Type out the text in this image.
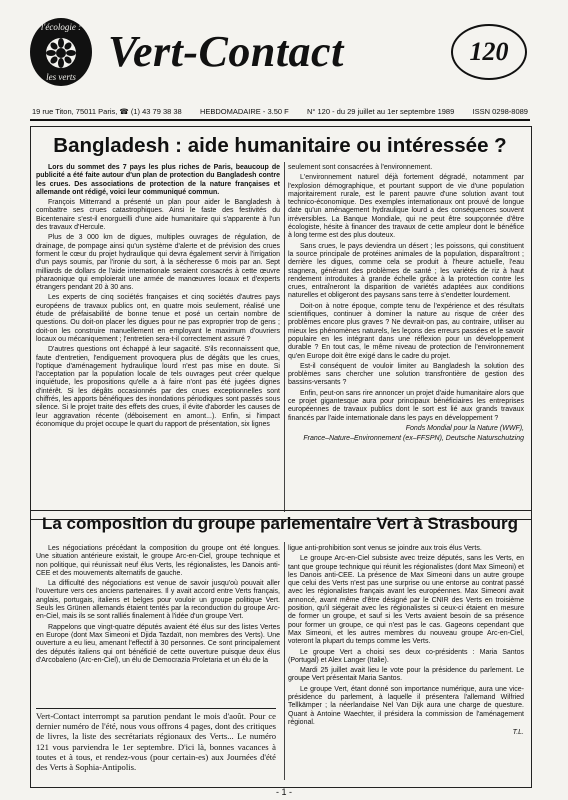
l'écologie :
les verts
Vert-Contact	120
19 rue Titon, 75011 Paris, ☎ (1) 43 79 38 38 HEBDOMADAIRE - 3.50 F N° 120 - du 29 juillet au 1er septembre 1989 ISSN 0298-8089
Bangladesh : aide humanitaire ou intéressée ?

Lors du sommet des 7 pays les plus riches de Paris, beaucoup de publicité a été faite autour d'un plan de protection du Bangladesh contre les crues. Des associations de protection de la nature françaises et allemande ont rédigé, voici leur communiqué commun.

François Mitterrand a présenté un plan pour aider le Bangladesh à combattre ses crues catastrophiques. Ainsi le faste des festivités du Bicentenaire s'est-il enorgueilli d'une aide humanitaire qui s'apparente à l'un des travaux d'Hercule.

Plus de 3 000 km de digues, multiples ouvrages de régulation, de drainage, de pompage ainsi qu'un système d'alerte et de prévision des crues forment le cœur du projet hydraulique qui devra également servir à l'irrigation d'un pays soumis, par l'ironie du sort, à la sécheresse 6 mois par an. Sept milliards de dollars de l'aide internationale seraient consacrés à cette œuvre pharaonique qui emploierait une armée de manœuvres locaux et d'experts étrangers pendant 20 à 30 ans.

Les experts de cinq sociétés françaises et cinq sociétés d'autres pays européens de travaux publics ont, en quatre mois seulement, réalisé une étude de préfaisabilité de bonne tenue et posé un certain nombre de questions. Ou doit-on placer les digues pour ne pas exproprier trop de gens ; doit-on les construire manuellement en employant le maximum d'ouvriers locaux ou mécaniquement ; l'entretien sera-t-il correctement assuré ?

D'autres questions ont échappé à leur sagacité. S'ils reconnaissent que, faute d'entretien, l'endiguement provoquera plus de dégâts que les crues, l'optique d'aménagement hydraulique lourd n'est pas mise en doute. Si l'acceptation par la population locale de tels ouvrages peut créer quelque inquiétude, les propositions qu'elle a à faire n'ont pas été jugées dignes d'intérêt. Si les dégâts occasionnés par des crues exceptionnelles sont chiffrés, les apports bénéfiques des inondations périodiques sont passés sous silence. Si le projet traite des effets des crues, il évite d'aborder les causes de leur aggravation récente (déboisement en amont...). Enfin, si l'impact économique du projet occupe le quart du rapport de présentation, six lignes

seulement sont consacrées à l'environnement.

L'environnement naturel déjà fortement dégradé, notamment par l'explosion démographique, et pourtant support de vie d'une population majoritairement rurale, est le parent pauvre d'une solution avant tout technico-économique. Des exemples internationaux ont prouvé de longue date qu'un aménagement hydraulique lourd a des conséquences souvent irréversibles. La Banque Mondiale, qui ne peut être soupçonnée d'être écologiste, hésite à financer des travaux de cette ampleur dont le bénéfice à long terme est des plus douteux.

Sans crues, le pays deviendra un désert ; les poissons, qui constituent la source principale de protéines animales de la population, disparaîtront ; derrière les digues, comme cela se produit à l'heure actuelle, l'eau stagnera, générant des problèmes de santé ; les variétés de riz à haut rendement introduites à grande échelle grâce à la protection contre les crues, entraîneront la disparition de variétés adaptées aux conditions naturelles et obligeront des paysans sans terre à s'endetter lourdement.

Doit-on à notre époque, compte tenu de l'expérience et des résultats scientifiques, continuer à dominer la nature au risque de créer des problèmes encore plus graves ? Ne devrait-on pas, au contraire, utiliser au mieux les phénomènes naturels, les leçons des erreurs passées et le savoir populaire en les intégrant dans une réflexion pour un développement durable ? En tout cas, le même niveau de protection de l'environnement qu'en Europe doit être exigé dans le cadre du projet.

Est-il conséquent de vouloir limiter au Bangladesh la solution des problèmes sans chercher une solution transfrontière de gestion des bassins-versants ?

Enfin, peut-on sans rire annoncer un projet d'aide humanitaire alors que ce projet gigantesque aura pour principaux bénéficiaires les entreprises européennes de travaux publics dont le sort est lié aux grands travaux financés par l'aide internationale dans les pays en développement ?

Fonds Mondial pour la Nature (WWF),

France–Nature–Environnement (ex–FFSPN), Deutsche Naturschutzing

La composition du groupe parlementaire Vert à Strasbourg

Les négociations précédant la composition du groupe ont été longues. Une situation antérieure existait, le groupe Arc-en-Ciel, groupe technique et non politique, qui réunissait neuf élus Verts, les régionalistes, les Danois anti-CEE et des mouvements alternatifs de gauche.

La difficulté des négociations est venue de savoir jusqu'où pouvait aller l'ouverture vers ces anciens partenaires. Il y avait accord entre Verts français, anglais, portugais, italiens et belges pour vouloir un groupe politique Vert. Seuls les Grünen allemands étaient tentés par la reconduction du groupe Arc-en-Ciel, mais ils se sont ralliés finalement à l'idée d'un groupe Vert.

Rappelons que vingt-quatre députés avaient été élus sur des listes Vertes en Europe (dont Max Simeoni et Djida Tazdaït, non membres des Verts). Une ouverture a eu lieu, amenant l'effectif à 30 personnes. Ce sont principalement des députés italiens qui ont bénéficié de cette ouverture puisque deux élus d'Arcobaleno (Arc-en-Ciel), un élu de Democrazia Proletaria et un élu de la

ligue anti-prohibition sont venus se joindre aux trois élus Verts.

Le groupe Arc-en-Ciel subsiste avec treize députés, sans les Verts, en tant que groupe technique qui réunit les régionalistes (dont Max Simeoni) et les Danois anti-CEE. La présence de Max Simeoni dans un autre groupe que celui des Verts n'est pas une surprise ou une entorse au contrat passé avec les régionalistes français avant les européennes. Max Simeoni avait annoncé, avant même d'être désigné par le CNIR des Verts en troisième position, qu'il siégerait avec les régionalistes si ceux-ci étaient en mesure de former un groupe, et sauf si les Verts avaient besoin de sa présence pour former un groupe, ce qui n'est pas le cas. Gageons cependant que Max Simeoni, et les autres membres du nouveau groupe Arc-en-Ciel, voteront la plupart du temps comme les Verts.

Le groupe Vert a choisi ses deux co-présidents : Maria Santos (Portugal) et Alex Langer (Italie).

Mardi 25 juillet avait lieu le vote pour la présidence du parlement. Le groupe Vert présentait Maria Santos.

Le groupe Vert, étant donné son importance numérique, aura une vice-présidence du parlement, à laquelle il présentera l'allemand Wilfried Tellkämper ; la néerlandaise Nel Van Dijk aura une charge de questure. Quant à Antoine Waechter, il présidera la commission de l'aménagement régional.

T.L.

Vert-Contact interrompt sa parution pendant le mois d'août. Pour ce dernier numéro de l'été, nous vous offrons 4 pages, dont des critiques de livres, la liste des secrétariats régionaux des Verts... Le numéro 121 vous parviendra le 1er septembre. D'ici là, bonnes vacances à toutes et à tous, et rendez-vous (pour certain-es) aux Journées d'été des Verts à Sophia-Antipolis.
- 1 -
